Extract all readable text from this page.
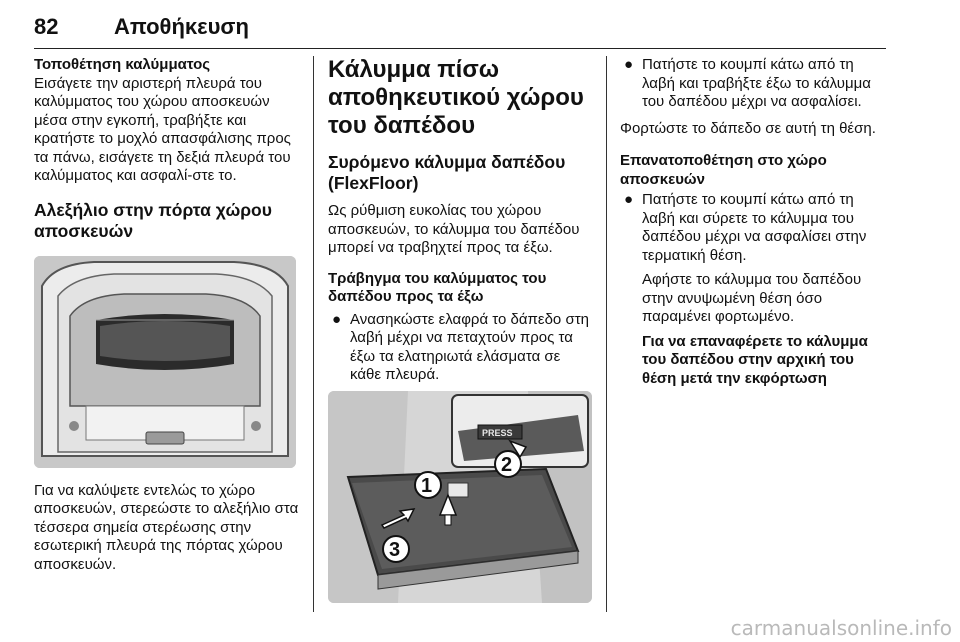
82	Αποθήκευση
Τοποθέτηση καλύμματος

Εισάγετε την αριστερή πλευρά του καλύμματος του χώρου αποσκευών μέσα στην εγκοπή, τραβήξτε και κρατήστε το μοχλό απασφάλισης προς τα πάνω, εισάγετε τη δεξιά πλευρά του καλύμματος και ασφαλί-στε το.

Αλεξήλιο στην πόρτα χώρου αποσκευών

Για να καλύψετε εντελώς το χώρο αποσκευών, στερεώστε το αλεξήλιο στα τέσσερα σημεία στερέωσης στην εσωτερική πλευρά της πόρτας χώρου αποσκευών.

Κάλυμμα πίσω αποθηκευτικού χώρου του δαπέδου
Συρόμενο κάλυμμα δαπέδου (FlexFloor)

Ως ρύθμιση ευκολίας του χώρου αποσκευών, το κάλυμμα του δαπέδου μπορεί να τραβηχτεί προς τα έξω.

Τράβηγμα του καλύμματος του δαπέδου προς τα έξω
● Ανασηκώστε ελαφρά το δάπεδο στη λαβή μέχρι να πεταχτούν προς τα έξω τα ελατηριωτά ελάσματα σε κάθε πλευρά.
PRESS
1
2
3
● Πατήστε το κουμπί κάτω από τη λαβή και τραβήξτε έξω το κάλυμμα του δαπέδου μέχρι να ασφαλίσει.

Φορτώστε το δάπεδο σε αυτή τη θέση.

Επανατοποθέτηση στο χώρο αποσκευών
● Πατήστε το κουμπί κάτω από τη λαβή και σύρετε το κάλυμμα του δαπέδου μέχρι να ασφαλίσει στην τερματική θέση.

Αφήστε το κάλυμμα του δαπέδου στην ανυψωμένη θέση όσο παραμένει φορτωμένο.

Για να επαναφέρετε το κάλυμμα του δαπέδου στην αρχική του θέση μετά την εκφόρτωση
carmanualsonline.info
